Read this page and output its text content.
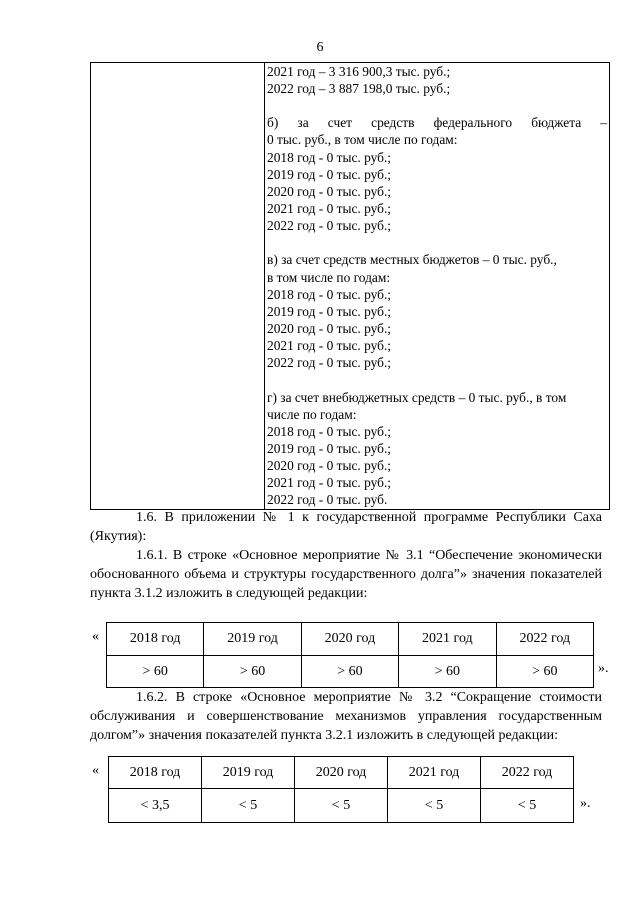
6

2021 год – 3 316 900,3 тыс. руб.;
2022 год – 3 887 198,0 тыс. руб.;
б) за счет средств федерального бюджета –
0 тыс. руб., в том числе по годам:
2018 год - 0 тыс. руб.;
2019 год - 0 тыс. руб.;
2020 год - 0 тыс. руб.;
2021 год - 0 тыс. руб.;
2022 год - 0 тыс. руб.;
в) за счет средств местных бюджетов – 0 тыс. руб.,
в том числе по годам:
2018 год - 0 тыс. руб.;
2019 год - 0 тыс. руб.;
2020 год - 0 тыс. руб.;
2021 год - 0 тыс. руб.;
2022 год - 0 тыс. руб.;
г) за счет внебюджетных средств – 0 тыс. руб., в том
числе по годам:
2018 год - 0 тыс. руб.;
2019 год - 0 тыс. руб.;
2020 год - 0 тыс. руб.;
2021 год - 0 тыс. руб.;
2022 год - 0 тыс. руб.
1.6. В приложении № 1 к государственной программе Республики Саха (Якутия):
1.6.1. В строке «Основное мероприятие № 3.1 “Обеспечение экономически обоснованного объема и структуры государственного долга”» значения показателей пункта 3.1.2 изложить в следующей редакции:
« 2018 год	2019 год	2020 год	2021 год	2022 год
> 60	> 60	> 60	> 60	> 60	».
1.6.2. В строке «Основное мероприятие № 3.2 “Сокращение стоимости обслуживания и совершенствование механизмов управления государственным долгом”» значения показателей пункта 3.2.1 изложить в следующей редакции:
« 2018 год	2019 год	2020 год	2021 год	2022 год
< 3,5	< 5	< 5	< 5	< 5	».
